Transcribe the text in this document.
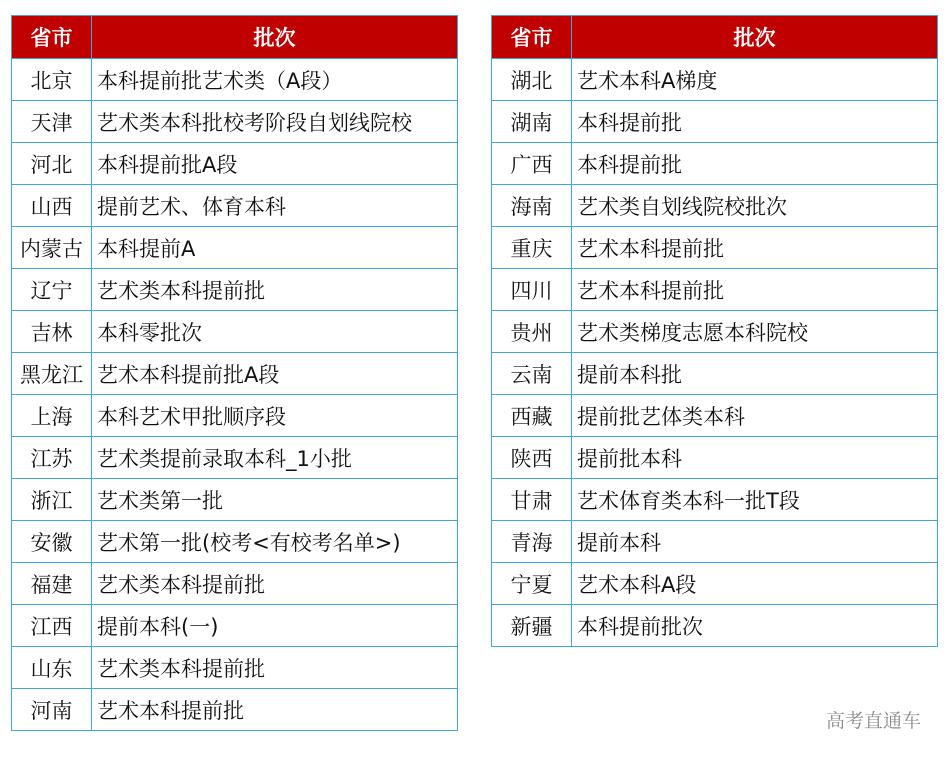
省市	批次
北京	本科提前批艺术类（A段）
天津	艺术类本科批校考阶段自划线院校
河北	本科提前批A段
山西	提前艺术、体育本科
内蒙古	本科提前A
辽宁	艺术类本科提前批
吉林	本科零批次
黑龙江	艺术本科提前批A段
上海	本科艺术甲批顺序段
江苏	艺术类提前录取本科_1小批
浙江	艺术类第一批
安徽	艺术第一批(校考<有校考名单>)
福建	艺术类本科提前批
江西	提前本科(一)
山东	艺术类本科提前批
河南	艺术本科提前批
省市	批次
湖北	艺术本科A梯度
湖南	本科提前批
广西	本科提前批
海南	艺术类自划线院校批次
重庆	艺术本科提前批
四川	艺术本科提前批
贵州	艺术类梯度志愿本科院校
云南	提前本科批
西藏	提前批艺体类本科
陕西	提前批本科
甘肃	艺术体育类本科一批T段
青海	提前本科
宁夏	艺术本科A段
新疆	本科提前批次
高考直通车
